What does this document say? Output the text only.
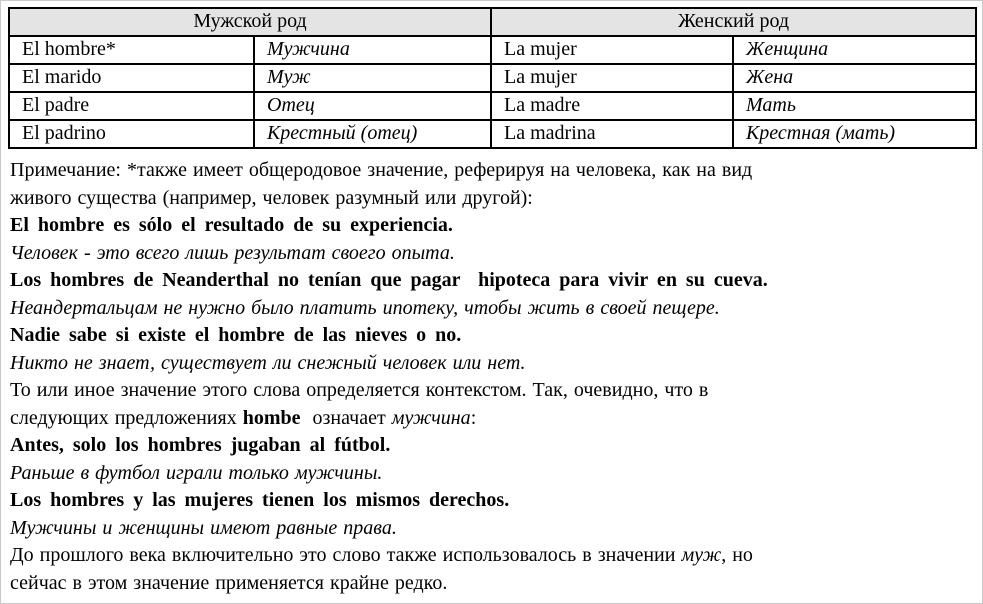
Мужской род		Женский род	
El hombre*	Мужчина	La mujer	Женщина
El marido	Муж	La mujer	Жена
El padre	Отец	La madre	Мать
El padrino	Крестный (отец)	La madrina	Крестная (мать)
Примечание: *также имеет общеродовое значение, реферируя на человека, как на вид
живого существа (например, человек разумный или другой):
El hombre es sólo el resultado de su experiencia.
Человек - это всего лишь результат своего опыта.
Los hombres de Neanderthal no tenían que pagar  hipoteca para vivir en su cueva.
Неандертальцам не нужно было платить ипотеку, чтобы жить в своей пещере.
Nadie sabe si existe el hombre de las nieves o no.
Никто не знает, существует ли снежный человек или нет.
То или иное значение этого слова определяется контекстом. Так, очевидно, что в
следующих предложениях hombe  означает мужчина:
Antes, solo los hombres jugaban al fútbol.
Раньше в футбол играли только мужчины.
Los hombres y las mujeres tienen los mismos derechos.
Мужчины и женщины имеют равные права.
До прошлого века включительно это слово также использовалось в значении муж, но
сейчас в этом значение применяется крайне редко.
